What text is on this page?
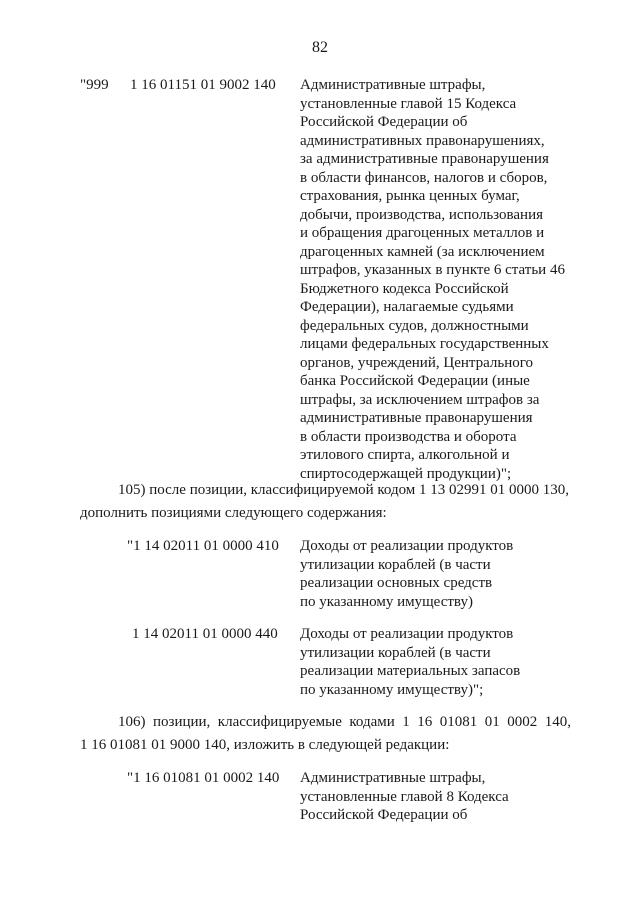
82
"999 1 16 01151 01 9002 140 Административные штрафы,
установленные главой 15 Кодекса
Российской Федерации об
административных правонарушениях,
за административные правонарушения
в области финансов, налогов и сборов,
страхования, рынка ценных бумаг,
добычи, производства, использования
и обращения драгоценных металлов и
драгоценных камней (за исключением
штрафов, указанных в пункте 6 статьи 46
Бюджетного кодекса Российской
Федерации), налагаемые судьями
федеральных судов, должностными
лицами федеральных государственных
органов, учреждений, Центрального
банка Российской Федерации (иные
штрафы, за исключением штрафов за
административные правонарушения
в области производства и оборота
этилового спирта, алкогольной и
спиртосодержащей продукции)";
105) после позиции, классифицируемой кодом 1 13 02991 01 0000 130,
дополнить позициями следующего содержания:
"1 14 02011 01 0000 410 Доходы от реализации продуктов
утилизации кораблей (в части
реализации основных средств
по указанному имуществу)
1 14 02011 01 0000 440 Доходы от реализации продуктов
утилизации кораблей (в части
реализации материальных запасов
по указанному имуществу)";
106)  позиции,  классифицируемые  кодами  1  16  01081  01  0002  140,
1 16 01081 01 9000 140, изложить в следующей редакции:
"1 16 01081 01 0002 140 Административные штрафы,
установленные главой 8 Кодекса
Российской Федерации об
